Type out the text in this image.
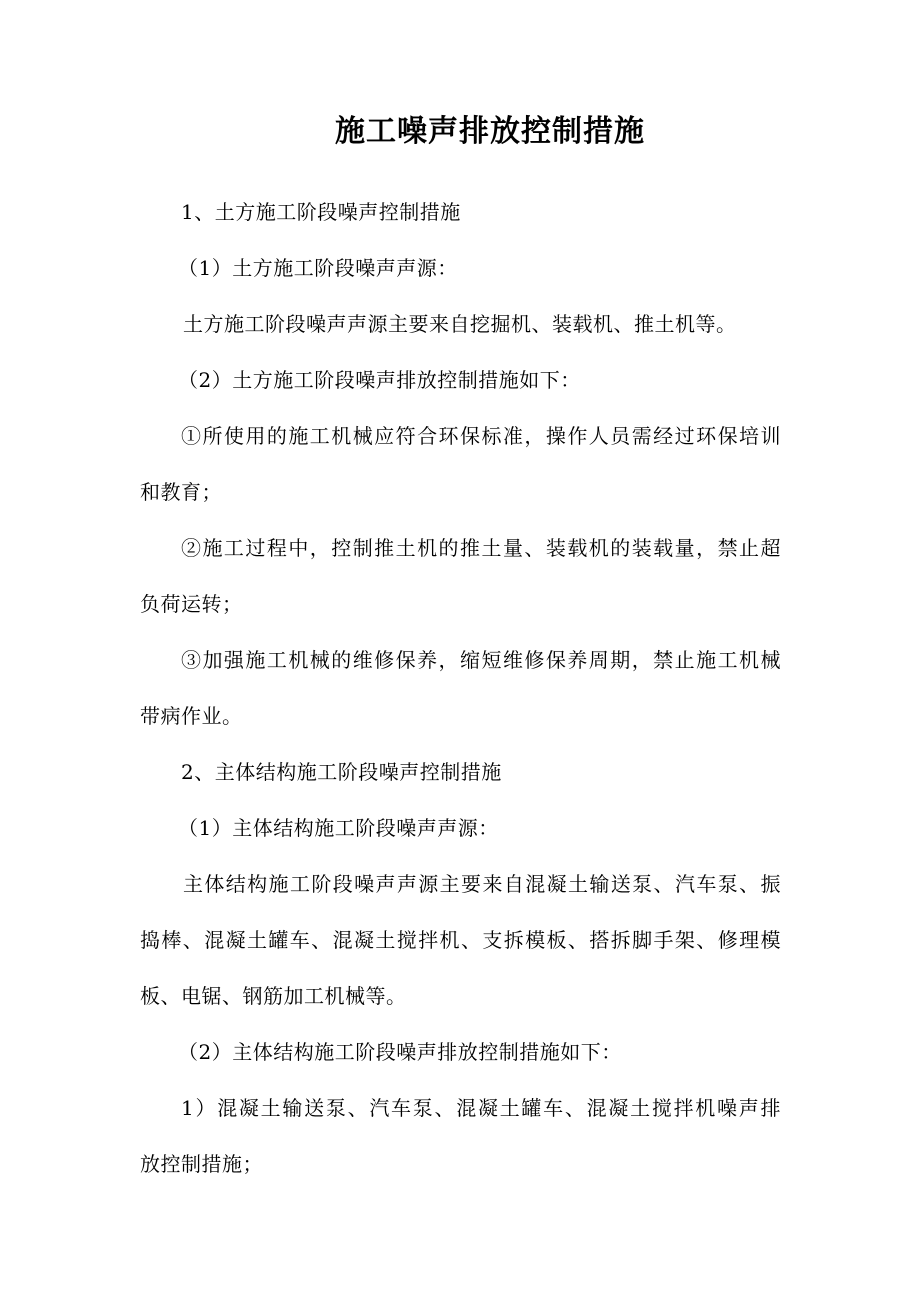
施工噪声排放控制措施
1、土方施工阶段噪声控制措施
（1）土方施工阶段噪声声源：
土方施工阶段噪声声源主要来自挖掘机、装载机、推土机等。
（2）土方施工阶段噪声排放控制措施如下：
①所使用的施工机械应符合环保标准，操作人员需经过环保培训
和教育；
②施工过程中，控制推土机的推土量、装载机的装载量，禁止超
负荷运转；
③加强施工机械的维修保养，缩短维修保养周期，禁止施工机械
带病作业。
2、主体结构施工阶段噪声控制措施
（1）主体结构施工阶段噪声声源：
主体结构施工阶段噪声声源主要来自混凝土输送泵、汽车泵、振
捣棒、混凝土罐车、混凝土搅拌机、支拆模板、搭拆脚手架、修理模
板、电锯、钢筋加工机械等。
（2）主体结构施工阶段噪声排放控制措施如下：
1）混凝土输送泵、汽车泵、混凝土罐车、混凝土搅拌机噪声排
放控制措施；
